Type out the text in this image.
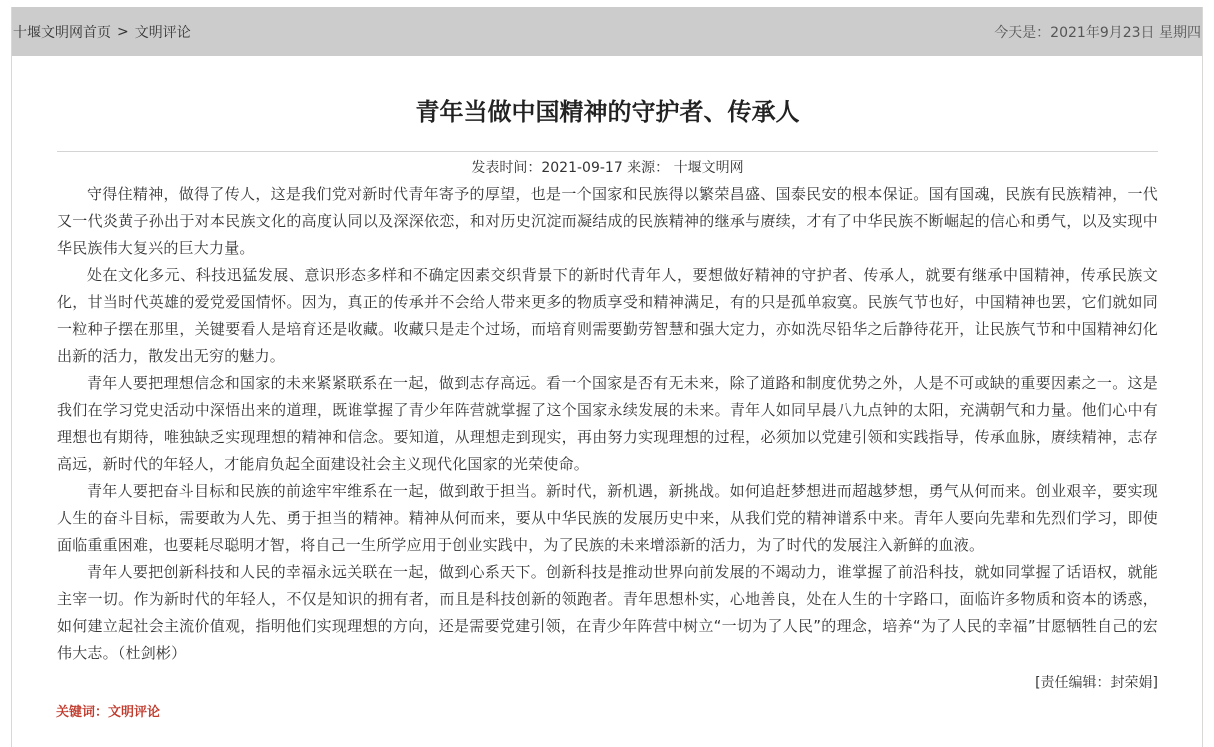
十堰文明网首页 > 文明评论	今天是：2021年9月23日 星期四
青年当做中国精神的守护者、传承人
发表时间：2021-09-17 来源： 十堰文明网

守得住精神，做得了传人，这是我们党对新时代青年寄予的厚望，也是一个国家和民族得以繁荣昌盛、国泰民安的根本保证。国有国魂，民族有民族精神，一代又一代炎黄子孙出于对本民族文化的高度认同以及深深依恋，和对历史沉淀而凝结成的民族精神的继承与赓续，才有了中华民族不断崛起的信心和勇气，以及实现中华民族伟大复兴的巨大力量。

处在文化多元、科技迅猛发展、意识形态多样和不确定因素交织背景下的新时代青年人，要想做好精神的守护者、传承人，就要有继承中国精神，传承民族文化，甘当时代英雄的爱党爱国情怀。因为，真正的传承并不会给人带来更多的物质享受和精神满足，有的只是孤单寂寞。民族气节也好，中国精神也罢，它们就如同一粒种子摆在那里，关键要看人是培育还是收藏。收藏只是走个过场，而培育则需要勤劳智慧和强大定力，亦如洗尽铅华之后静待花开，让民族气节和中国精神幻化出新的活力，散发出无穷的魅力。

青年人要把理想信念和国家的未来紧紧联系在一起，做到志存高远。看一个国家是否有无未来，除了道路和制度优势之外，人是不可或缺的重要因素之一。这是我们在学习党史活动中深悟出来的道理，既谁掌握了青少年阵营就掌握了这个国家永续发展的未来。青年人如同早晨八九点钟的太阳，充满朝气和力量。他们心中有理想也有期待，唯独缺乏实现理想的精神和信念。要知道，从理想走到现实，再由努力实现理想的过程，必须加以党建引领和实践指导，传承血脉，赓续精神，志存高远，新时代的年轻人，才能肩负起全面建设社会主义现代化国家的光荣使命。

青年人要把奋斗目标和民族的前途牢牢维系在一起，做到敢于担当。新时代，新机遇，新挑战。如何追赶梦想进而超越梦想，勇气从何而来。创业艰辛，要实现人生的奋斗目标，需要敢为人先、勇于担当的精神。精神从何而来，要从中华民族的发展历史中来，从我们党的精神谱系中来。青年人要向先辈和先烈们学习，即使面临重重困难，也要耗尽聪明才智，将自己一生所学应用于创业实践中，为了民族的未来增添新的活力，为了时代的发展注入新鲜的血液。

青年人要把创新科技和人民的幸福永远关联在一起，做到心系天下。创新科技是推动世界向前发展的不竭动力，谁掌握了前沿科技，就如同掌握了话语权，就能主宰一切。作为新时代的年轻人，不仅是知识的拥有者，而且是科技创新的领跑者。青年思想朴实，心地善良，处在人生的十字路口，面临许多物质和资本的诱惑，如何建立起社会主流价值观，指明他们实现理想的方向，还是需要党建引领，在青少年阵营中树立“一切为了人民”的理念，培养“为了人民的幸福”甘愿牺牲自己的宏伟大志。（杜剑彬）

[责任编辑：封荣娟]
关键词： 文明评论
